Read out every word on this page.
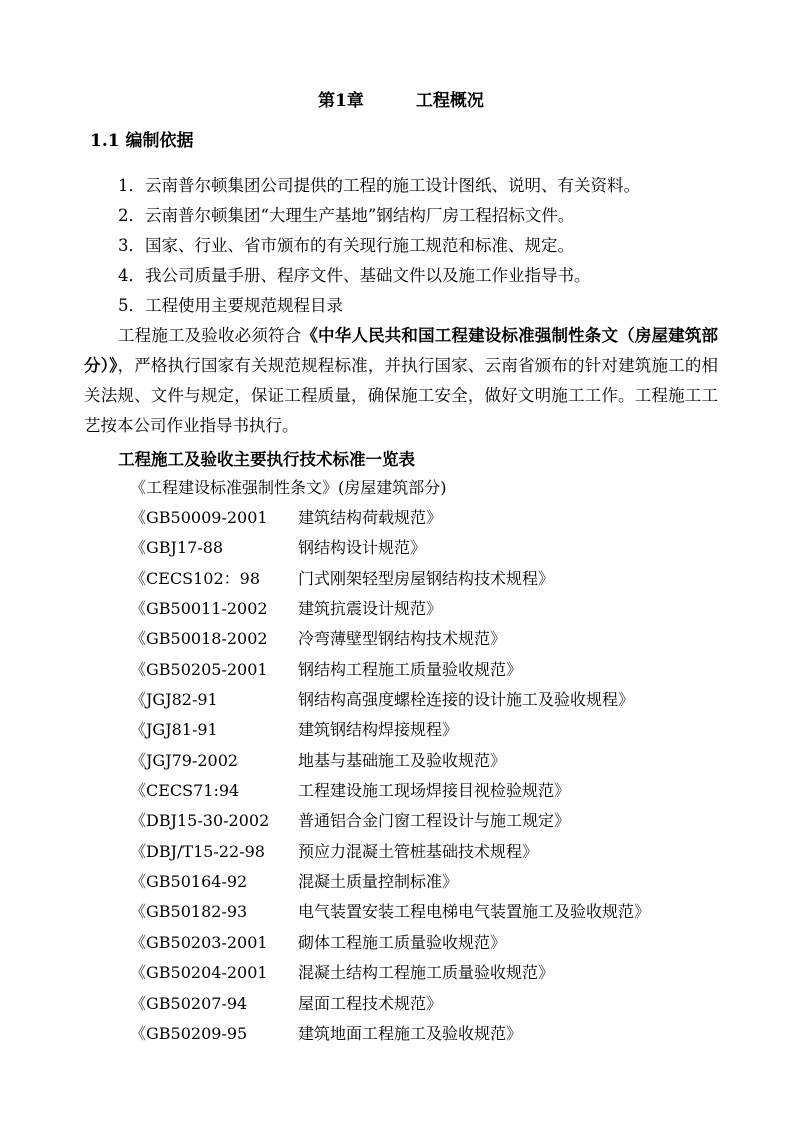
第1章	工程概况
1.1 编制依据
1．云南普尔顿集团公司提供的工程的施工设计图纸、说明、有关资料。
2．云南普尔顿集团“大理生产基地”钢结构厂房工程招标文件。
3．国家、行业、省市颁布的有关现行施工规范和标准、规定。
4．我公司质量手册、程序文件、基础文件以及施工作业指导书。
5．工程使用主要规范规程目录

工程施工及验收必须符合《中华人民共和国工程建设标准强制性条文（房屋建筑部分）》，严格执行国家有关规范规程标准，并执行国家、云南省颁布的针对建筑施工的相关法规、文件与规定，保证工程质量，确保施工安全，做好文明施工工作。工程施工工艺按本公司作业指导书执行。

工程施工及验收主要执行技术标准一览表
《工程建设标准强制性条文》(房屋建筑部分)
《GB50009-2001 建筑结构荷载规范》
《GBJ17-88	钢结构设计规范》
《CECS102：98 门式刚架轻型房屋钢结构技术规程》
《GB50011-2002 建筑抗震设计规范》
《GB50018-2002 冷弯薄壁型钢结构技术规范》
《GB50205-2001 钢结构工程施工质量验收规范》
《JGJ82-91	钢结构高强度螺栓连接的设计施工及验收规程》
《JGJ81-91	建筑钢结构焊接规程》
《JGJ79-2002	地基与基础施工及验收规范》
《CECS71:94	工程建设施工现场焊接目视检验规范》
《DBJ15-30-2002 普通铝合金门窗工程设计与施工规定》
《DBJ/T15-22-98 预应力混凝土管桩基础技术规程》
《GB50164-92	混凝土质量控制标准》
《GB50182-93	电气装置安装工程电梯电气装置施工及验收规范》
《GB50203-2001 砌体工程施工质量验收规范》
《GB50204-2001 混凝土结构工程施工质量验收规范》
《GB50207-94	屋面工程技术规范》
《GB50209-95	建筑地面工程施工及验收规范》
